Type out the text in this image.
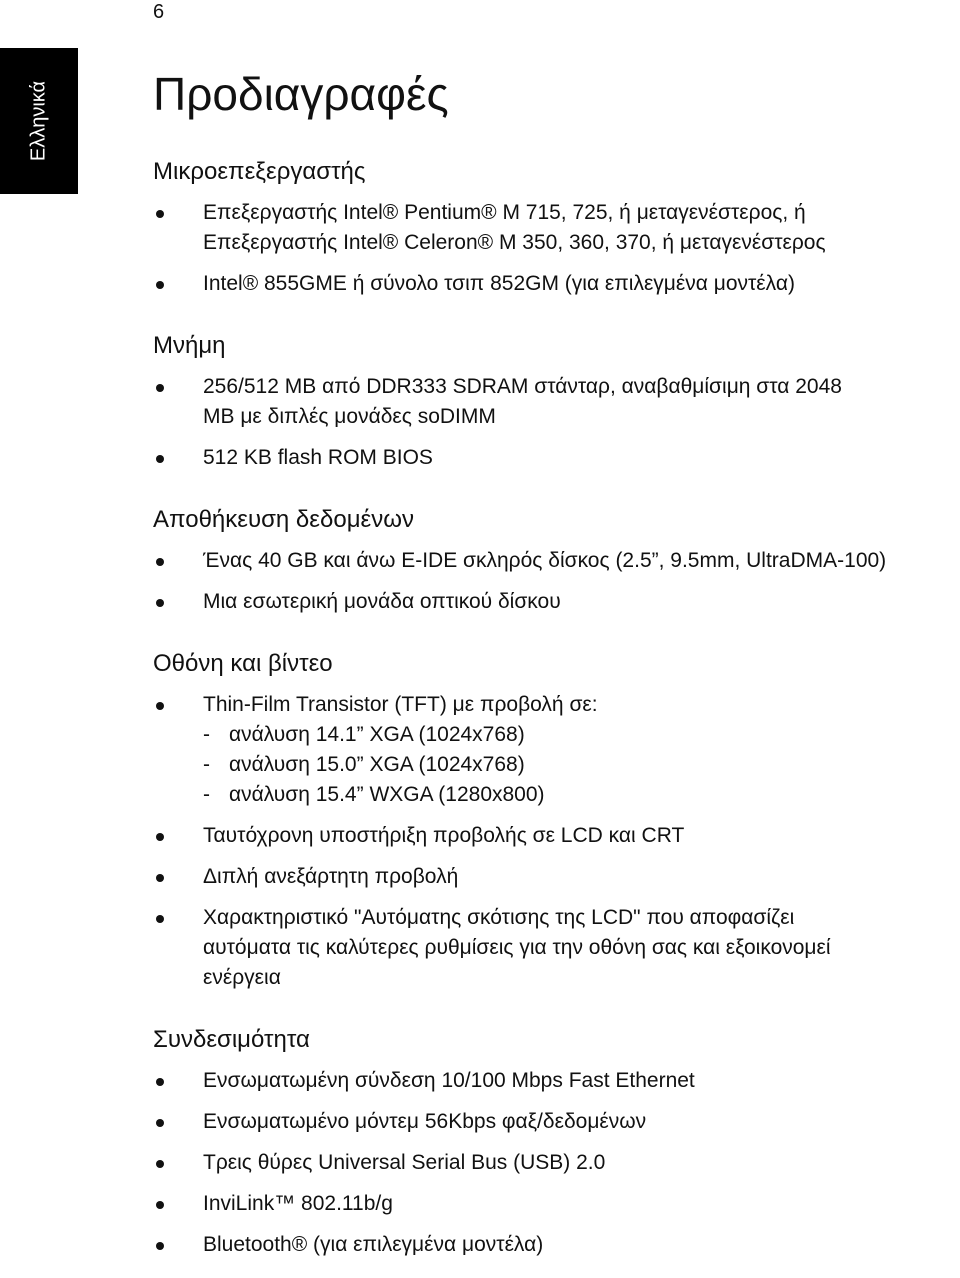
6
Ελληνικά Προδιαγραφές
Μικροεπεξεργαστής
Επεξεργαστής Intel® Pentium® M 715, 725, ή μεταγενέστερος, ή
Επεξεργαστής Intel® Celeron® M 350, 360, 370, ή μεταγενέστερος
Intel® 855GME ή σύνολο τσιπ 852GM (για επιλεγμένα μοντέλα)
Μνήμη
256/512 MB από DDR333 SDRAM στάνταρ, αναβαθμίσιμη στα 2048
MB με διπλές μονάδες soDIMM
512 KB flash ROM BIOS
Αποθήκευση δεδομένων
Ένας 40 GB και άνω E-IDE σκληρός δίσκος (2.5”, 9.5mm, UltraDMA-100)
Μια εσωτερική μονάδα οπτικού δίσκου
Οθόνη και βίντεο
Thin-Film Transistor (TFT) με προβολή σε:
- ανάλυση 14.1” XGA (1024x768)
- ανάλυση 15.0” XGA (1024x768)
- ανάλυση 15.4” WXGA (1280x800)
Ταυτόχρονη υποστήριξη προβολής σε LCD και CRT
Διπλή ανεξάρτητη προβολή
Χαρακτηριστικό "Αυτόματης σκότισης της LCD" που αποφασίζει
αυτόματα τις καλύτερες ρυθμίσεις για την οθόνη σας και εξοικονομεί
ενέργεια
Συνδεσιμότητα
Ενσωματωμένη σύνδεση 10/100 Mbps Fast Ethernet
Ενσωματωμένο μόντεμ 56Kbps φαξ/δεδομένων
Τρεις θύρες Universal Serial Bus (USB) 2.0
InviLink™ 802.11b/g
Bluetooth® (για επιλεγμένα μοντέλα)
